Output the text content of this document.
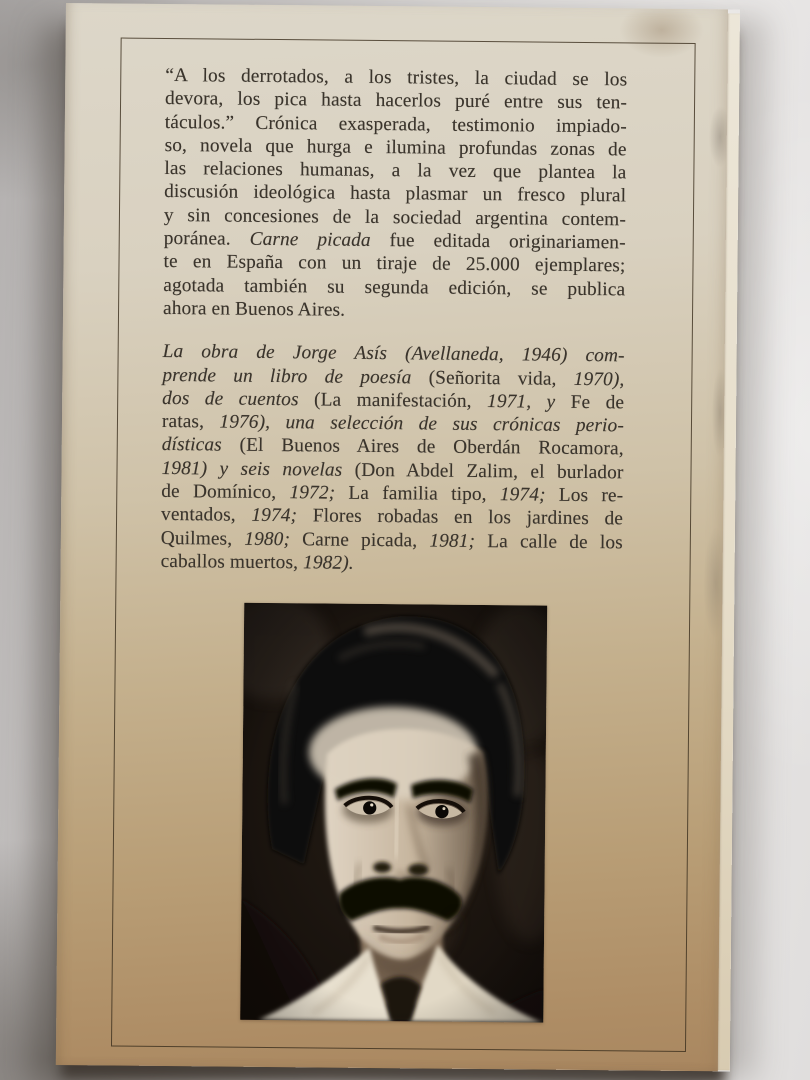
“A los derrotados, a los tristes, la ciudad se los
devora, los pica hasta hacerlos puré entre sus ten-
táculos.” Crónica exasperada, testimonio impiado-
so, novela que hurga e ilumina profundas zonas de
las relaciones humanas, a la vez que plantea la
discusión ideológica hasta plasmar un fresco plural
y sin concesiones de la sociedad argentina contem-
poránea. Carne picada fue editada originariamen-
te en España con un tiraje de 25.000 ejemplares;
agotada también su segunda edición, se publica
ahora en Buenos Aires.
La obra de Jorge Asís (Avellaneda, 1946) com-
prende un libro de poesía (Señorita vida, 1970),
dos de cuentos (La manifestación, 1971, y Fe de
ratas, 1976), una selección de sus crónicas perio-
dísticas (El Buenos Aires de Oberdán Rocamora,
1981) y seis novelas (Don Abdel Zalim, el burlador
de Domínico, 1972; La familia tipo, 1974; Los re-
ventados, 1974; Flores robadas en los jardines de
Quilmes, 1980; Carne picada, 1981; La calle de los
caballos muertos, 1982).
